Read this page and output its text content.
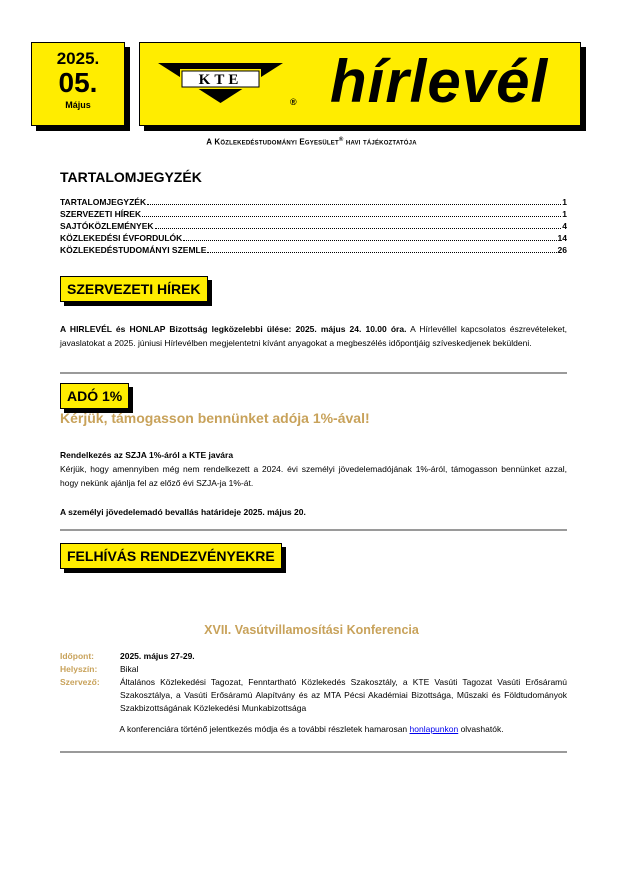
2025.
05.
Május
KTE
® hírlevél
A Közlekedéstudományi Egyesület® havi tájékoztatója
TARTALOMJEGYZÉK
TARTALOMJEGYZÉK	1
SZERVEZETI HÍREK	1
SAJTÓKÖZLEMÉNYEK	4
KÖZLEKEDÉSI ÉVFORDULÓK	14
KÖZLEKEDÉSTUDOMÁNYI SZEMLE	26
SZERVEZETI HÍREK
A HIRLEVÉL és HONLAP Bizottság legközelebbi ülése: 2025. május 24. 10.00 óra. A Hírlevéllel kapcsolatos észrevételeket, javaslatokat a 2025. júniusi Hírlevélben megjelentetni kívánt anyagokat a megbeszélés időpontjáig szíveskedjenek beküldeni.
ADÓ 1%
Kérjük, támogasson bennünket adója 1%-ával!
Rendelkezés az SZJA 1%-áról a KTE javára
Kérjük, hogy amennyiben még nem rendelkezett a 2024. évi személyi jövedelemadójának 1%-áról, támogasson bennünket azzal, hogy nekünk ajánlja fel az előző évi SZJA-ja 1%-át.
A személyi jövedelemadó bevallás határideje 2025. május 20.
FELHÍVÁS RENDEZVÉNYEKRE
XVII. Vasútvillamosítási Konferencia
Időpont:	2025. május 27-29.
Helyszín:	Bikal
Szervező:	Általános Közlekedési Tagozat, Fenntartható Közlekedés Szakosztály, a KTE Vasúti Tagozat Vasúti Erősáramú Szakosztálya, a Vasúti Erősáramú Alapítvány és az MTA Pécsi Akadémiai Bizottsága, Műszaki és Földtudományok Szakbizottságának Közlekedési Munkabizottsága
A konferenciára történő jelentkezés módja és a további részletek hamarosan honlapunkon olvashatók.
